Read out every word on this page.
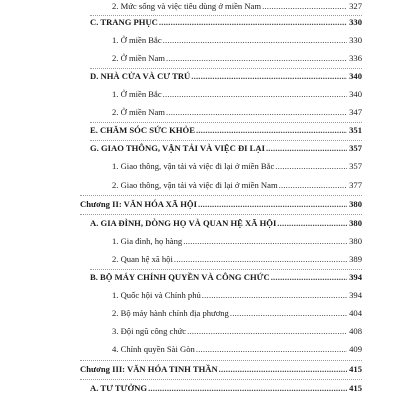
2. Mức sống và việc tiêu dùng ở miền Nam .....	327
C. TRANG PHỤC .....	330
1. Ở miền Bắc .....	330
2. Ở miền Nam .....	336
D. NHÀ CỬA VÀ CƯ TRÚ .....	340
1. Ở miền Bắc .....	340
2. Ở miền Nam .....	347
E. CHĂM SÓC SỨC KHỎE .....	351
G. GIAO THÔNG, VẬN TẢI VÀ VIỆC ĐI LẠI .....	357
1. Giao thông, vận tải và việc đi lại ở miền Bắc .....	357
2. Giao thông, vận tải và việc đi lại ở miền Nam .....	377
Chương II: VĂN HÓA XÃ HỘI .....	380
A. GIA ĐÌNH, DÒNG HỌ VÀ QUAN HỆ XÃ HỘI .....	380
1. Gia đình, họ hàng .....	380
2. Quan hệ xã hội .....	389
B. BỘ MÁY CHÍNH QUYỀN VÀ CÔNG CHỨC .....	394
1. Quốc hội và Chính phủ .....	394
2. Bộ máy hành chính địa phương .....	404
3. Đội ngũ công chức .....	408
4. Chính quyền Sài Gòn .....	409
Chương III: VĂN HÓA TINH THẦN .....	415
A. TƯ TƯỞNG .....	415
